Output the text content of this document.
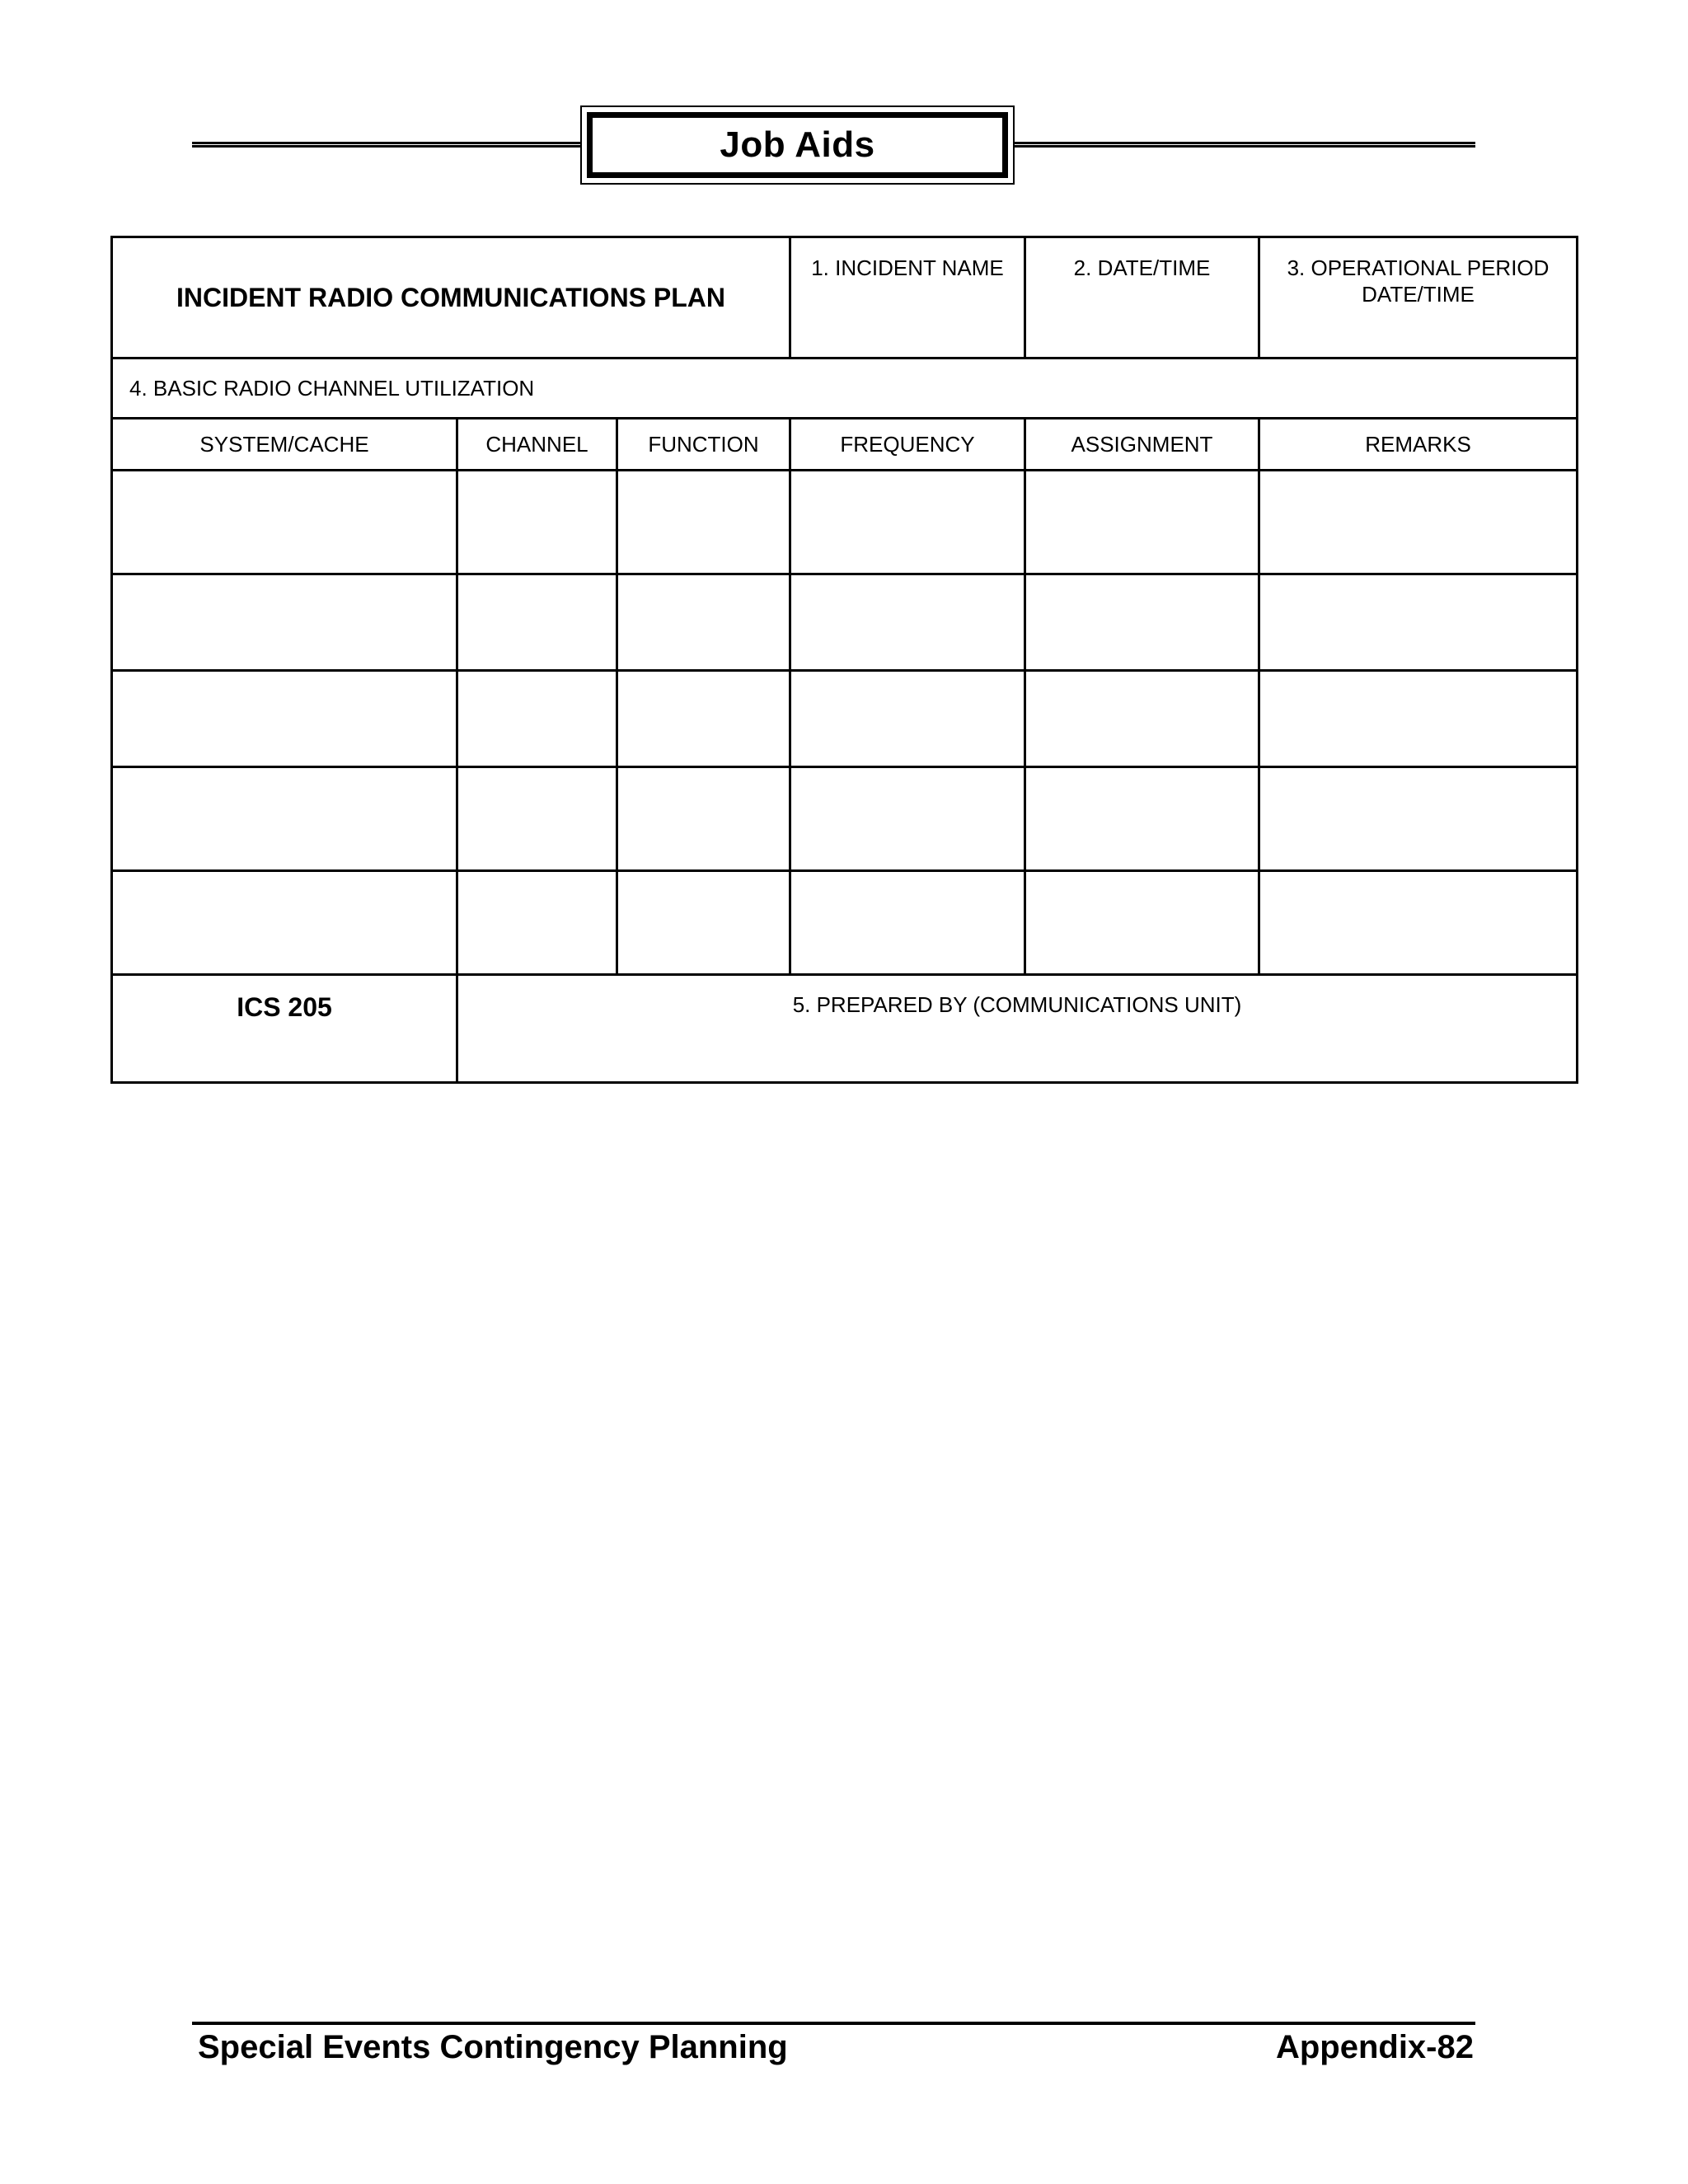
Job Aids
INCIDENT RADIO COMMUNICATIONS PLAN			1. INCIDENT NAME	2. DATE/TIME	3. OPERATIONAL PERIOD
DATE/TIME

4. BASIC RADIO CHANNEL UTILIZATION					
SYSTEM/CACHE	CHANNEL	FUNCTION	FREQUENCY	ASSIGNMENT	REMARKS

ICS 205	5. PREPARED BY (COMMUNICATIONS UNIT)				
Special Events Contingency Planning	Appendix-82
